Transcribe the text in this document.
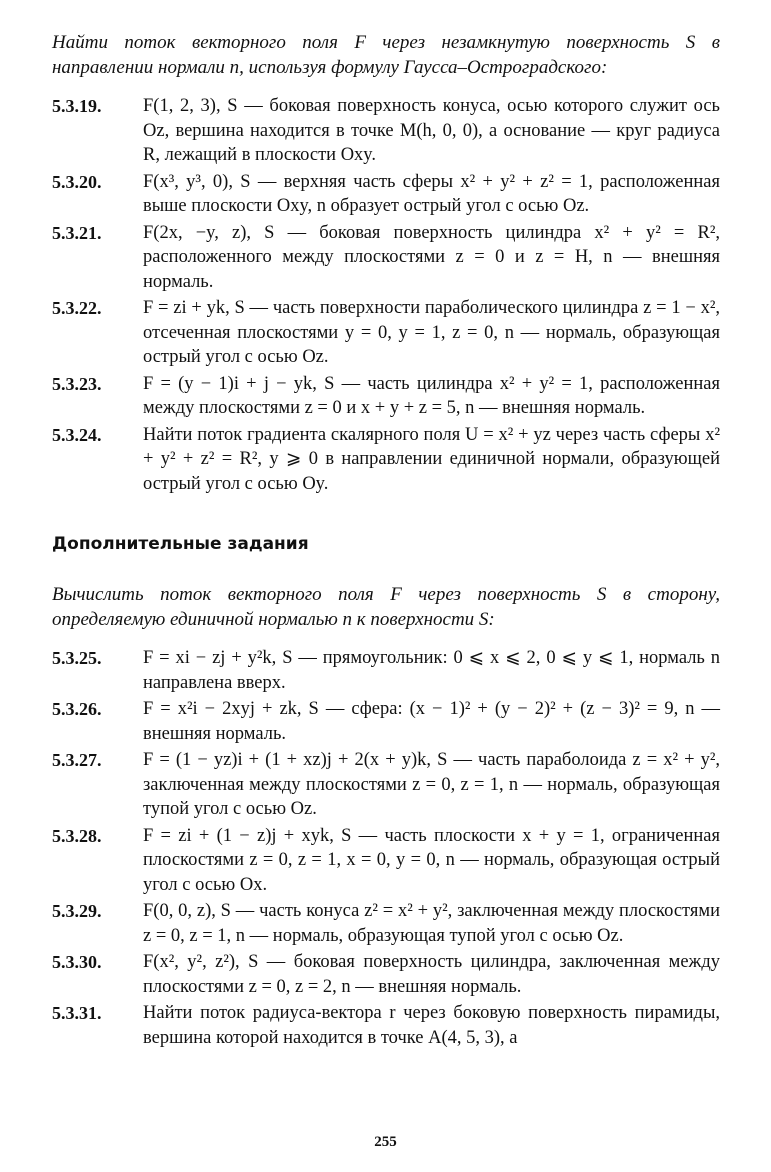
Найти поток векторного поля F через незамкнутую поверхность S в направлении нормали n, используя формулу Гаусса–Остроградского:

5.3.19.	F(1, 2, 3), S — боковая поверхность конуса, осью которого служит ось Oz, вершина находится в точке M(h, 0, 0), а основание — круг радиуса R, лежащий в плоскости Oxy.
5.3.20.	F(x³, y³, 0), S — верхняя часть сферы x² + y² + z² = 1, расположенная выше плоскости Oxy, n образует острый угол с осью Oz.
5.3.21.	F(2x, −y, z), S — боковая поверхность цилиндра x² + y² = R², расположенного между плоскостями z = 0 и z = H, n — внешняя нормаль.
5.3.22.	F = zi + yk, S — часть поверхности параболического цилиндра z = 1 − x², отсеченная плоскостями y = 0, y = 1, z = 0, n — нормаль, образующая острый угол с осью Oz.
5.3.23.	F = (y − 1)i + j − yk, S — часть цилиндра x² + y² = 1, расположенная между плоскостями z = 0 и x + y + z = 5, n — внешняя нормаль.
5.3.24.	Найти поток градиента скалярного поля U = x² + yz через часть сферы x² + y² + z² = R², y ⩾ 0 в направлении единичной нормали, образующей острый угол с осью Oy.
Дополнительные задания

Вычислить поток векторного поля F через поверхность S в сторону, определяемую единичной нормалью n к поверхности S:

5.3.25.	F = xi − zj + y²k, S — прямоугольник: 0 ⩽ x ⩽ 2, 0 ⩽ y ⩽ 1, нормаль n направлена вверх.
5.3.26.	F = x²i − 2xyj + zk, S — сфера: (x − 1)² + (y − 2)² + (z − 3)² = 9, n — внешняя нормаль.
5.3.27.	F = (1 − yz)i + (1 + xz)j + 2(x + y)k, S — часть параболоида z = x² + y², заключенная между плоскостями z = 0, z = 1, n — нормаль, образующая тупой угол с осью Oz.
5.3.28.	F = zi + (1 − z)j + xyk, S — часть плоскости x + y = 1, ограниченная плоскостями z = 0, z = 1, x = 0, y = 0, n — нормаль, образующая острый угол с осью Ox.
5.3.29.	F(0, 0, z), S — часть конуса z² = x² + y², заключенная между плоскостями z = 0, z = 1, n — нормаль, образующая тупой угол с осью Oz.
5.3.30.	F(x², y², z²), S — боковая поверхность цилиндра, заключенная между плоскостями z = 0, z = 2, n — внешняя нормаль.
5.3.31.	Найти поток радиуса-вектора r через боковую поверхность пирамиды, вершина которой находится в точке A(4, 5, 3), а
255
